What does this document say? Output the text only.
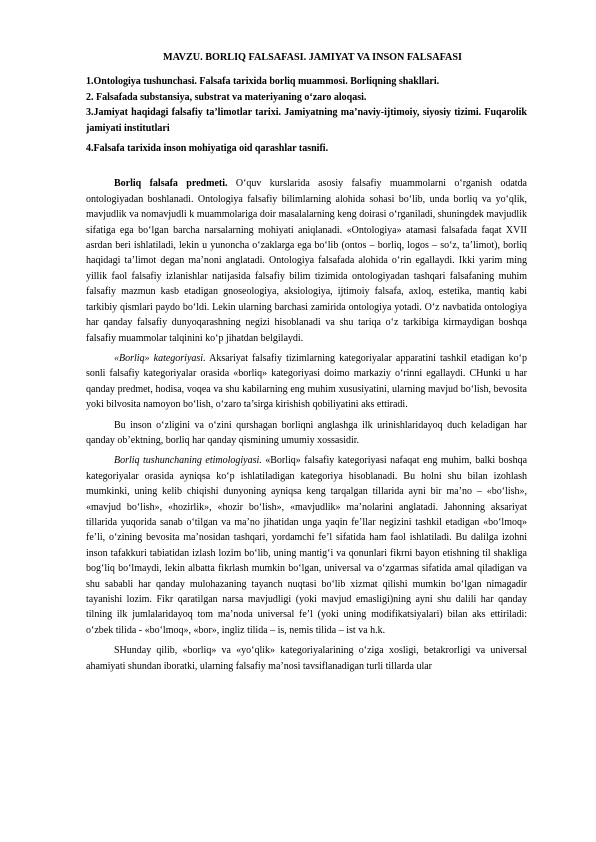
MAVZU. BORLIQ FALSAFASI. JAMIYAT VA INSON FALSAFASI

1.Ontologiya tushunchasi. Falsafa tarixida borliq muammosi. Borliqning shakllari.

2. Falsafada substansiya, substrat va materiyaning o‘zaro aloqasi.

3.Jamiyat haqidagi falsafiy ta’limotlar tarixi. Jamiyatning ma’naviy-ijtimoiy, siyosiy tizimi. Fuqarolik jamiyati institutlari

4.Falsafa tarixida inson mohiyatiga oid qarashlar tasnifi.

Borliq falsafa predmeti. O‘quv kurslarida asosiy falsafiy muammolarni o‘rganish odatda ontologiyadan boshlanadi. Ontologiya falsafiy bilimlarning alohida sohasi bo‘lib, unda borliq va yo‘qlik, mavjudlik va nomavjudli k muammolariga doir masalalarning keng doirasi o‘rganiladi, shuningdek mavjudlik sifatiga ega bo‘lgan barcha narsalarning mohiyati aniqlanadi. «Ontologiya» atamasi falsafada faqat XVII asrdan beri ishlatiladi, lekin u yunoncha o‘zaklarga ega bo‘lib (ontos – borliq, logos – so‘z, ta’limot), borliq haqidagi ta’limot degan ma’noni anglatadi. Ontologiya falsafada alohida o‘rin egallaydi. Ikki yarim ming yillik faol falsafiy izlanishlar natijasida falsafiy bilim tizimida ontologiyadan tashqari falsafaning muhim falsafiy mazmun kasb etadigan gnoseologiya, aksiologiya, ijtimoiy falsafa, axloq, estetika, mantiq kabi tarkibiy qismlari paydo bo‘ldi. Lekin ularning barchasi zamirida ontologiya yotadi. O‘z navbatida ontologiya har qanday falsafiy dunyoqarashning negizi hisoblanadi va shu tariqa o‘z tarkibiga kirmaydigan boshqa falsafiy muammolar talqinini ko‘p jihatdan belgilaydi.

«Borliq» kategoriyasi. Aksariyat falsafiy tizimlarning kategoriyalar apparatini tashkil etadigan ko‘p sonli falsafiy kategoriyalar orasida «borliq» kategoriyasi doimo markaziy o‘rinni egallaydi. CHunki u har qanday predmet, hodisa, voqea va shu kabilarning eng muhim xususiyatini, ularning mavjud bo‘lish, bevosita yoki bilvosita namoyon bo‘lish, o‘zaro ta’sirga kirishish qobiliyatini aks ettiradi.

Bu inson o‘zligini va o‘zini qurshagan borliqni anglashga ilk urinishlaridayoq duch keladigan har qanday ob’ektning, borliq har qanday qismining umumiy xossasidir.

Borliq tushunchaning etimologiyasi. «Borliq» falsafiy kategoriyasi nafaqat eng muhim, balki boshqa kategoriyalar orasida ayniqsa ko‘p ishlatiladigan kategoriya hisoblanadi. Bu holni shu bilan izohlash mumkinki, uning kelib chiqishi dunyoning ayniqsa keng tarqalgan tillarida ayni bir ma’no – «bo‘lish», «mavjud bo‘lish», «hozirlik», «hozir bo‘lish», «mavjudlik» ma’nolarini anglatadi. Jahonning aksariyat tillarida yuqorida sanab o‘tilgan va ma’no jihatidan unga yaqin fe’llar negizini tashkil etadigan «bo‘lmoq» fe’li, o‘zining bevosita ma’nosidan tashqari, yordamchi fe’l sifatida ham faol ishlatiladi. Bu dalilga izohni inson tafakkuri tabiatidan izlash lozim bo‘lib, uning mantig‘i va qonunlari fikrni bayon etishning til shakliga bog‘liq bo‘lmaydi, lekin albatta fikrlash mumkin bo‘lgan, universal va o‘zgarmas sifatida amal qiladigan va shu sababli har qanday mulohazaning tayanch nuqtasi bo‘lib xizmat qilishi mumkin bo‘lgan nimagadir tayanishi lozim. Fikr qaratilgan narsa mavjudligi (yoki mavjud emasligi)ning ayni shu dalili har qanday tilning ilk jumlalaridayoq tom ma’noda universal fe’l (yoki uning modifikatsiyalari) bilan aks ettiriladi: o‘zbek tilida - «bo‘lmoq», «bor», ingliz tilida – is, nemis tilida – ist va h.k.

SHunday qilib, «borliq» va «yo‘qlik» kategoriyalarining o‘ziga xosligi, betakrorligi va universal ahamiyati shundan iboratki, ularning falsafiy ma’nosi tavsiflanadigan turli tillarda ular
